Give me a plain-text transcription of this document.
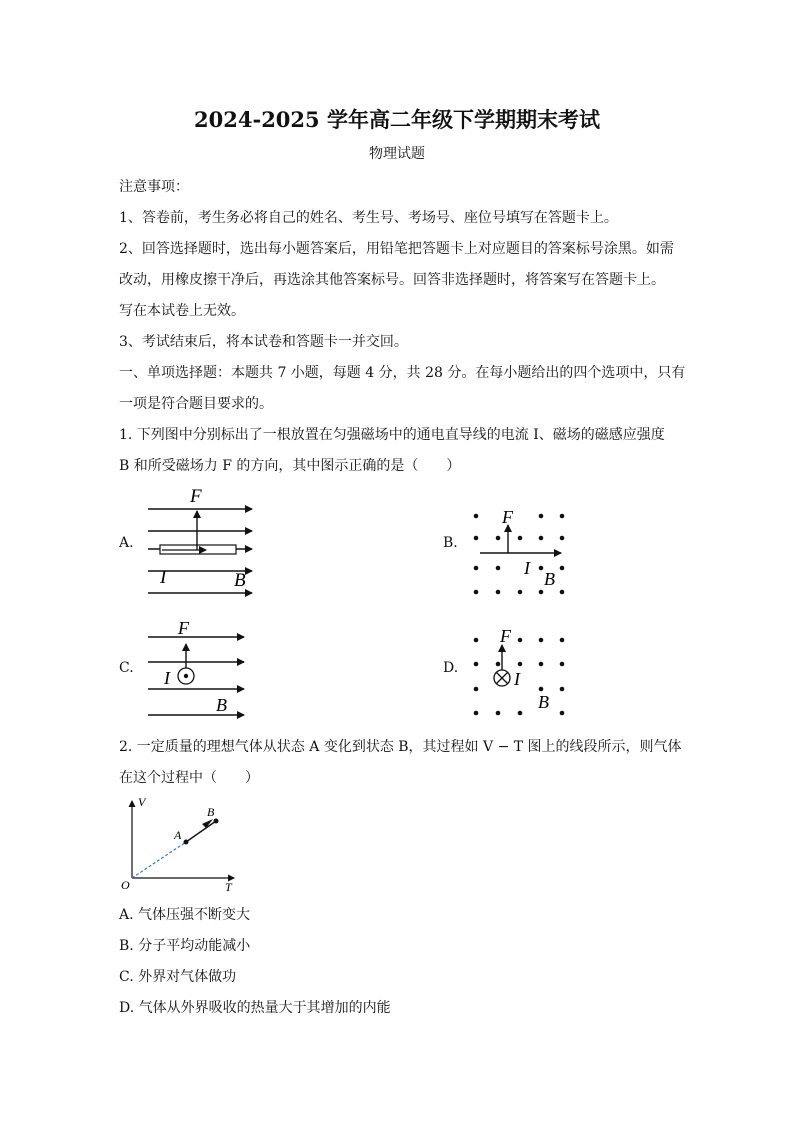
2024-2025 学年高二年级下学期期末考试
物理试题
注意事项：
1、答卷前，考生务必将自己的姓名、考生号、考场号、座位号填写在答题卡上。
2、回答选择题时，选出每小题答案后，用铅笔把答题卡上对应题目的答案标号涂黑。如需
改动，用橡皮擦干净后，再选涂其他答案标号。回答非选择题时，将答案写在答题卡上。
写在本试卷上无效。
3、考试结束后，将本试卷和答题卡一并交回。
一、单项选择题：本题共 7 小题，每题 4 分，共 28 分。在每小题给出的四个选项中，只有
一项是符合题目要求的。
1. 下列图中分别标出了一根放置在匀强磁场中的通电直导线的电流 I、磁场的磁感应强度
B 和所受磁场力 F 的方向，其中图示正确的是（　　）
A.
F
I	B
B.
F
I
B
C.
F
I
B
D.
F
I
B
2. 一定质量的理想气体从状态 A 变化到状态 B，其过程如 V − T 图上的线段所示，则气体
在这个过程中（　　）
V
T
O
A
B
A. 气体压强不断变大
B. 分子平均动能减小
C. 外界对气体做功
D. 气体从外界吸收的热量大于其增加的内能
